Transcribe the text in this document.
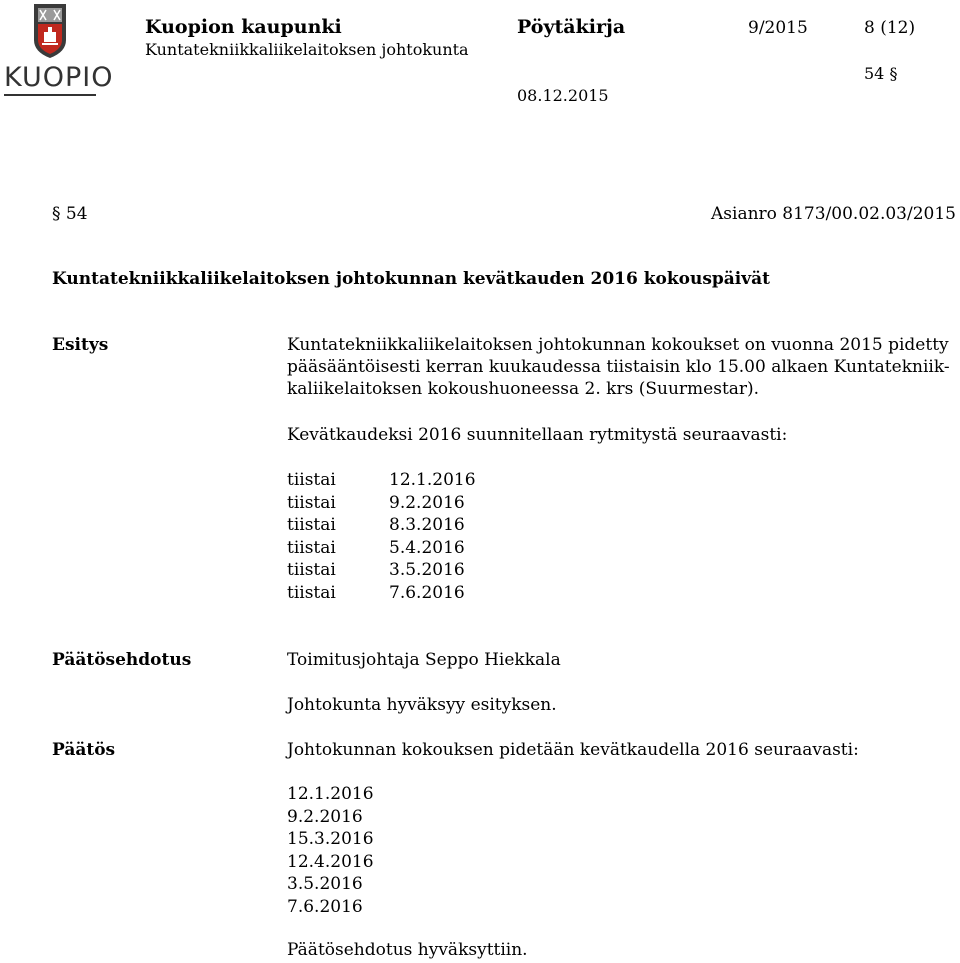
KUOPIO
Kuopion kaupunki
Kuntatekniikkaliikelaitoksen johtokunta
Pöytäkirja	9/2015	8 (12)
54 §
08.12.2015
§ 54	Asianro 8173/00.02.03/2015
Kuntatekniikkaliikelaitoksen johtokunnan kevätkauden 2016 kokouspäivät
Esitys	Kuntatekniikkaliikelaitoksen johtokunnan kokoukset on vuonna 2015 pidetty
pääsääntöisesti kerran kuukaudessa tiistaisin klo 15.00 alkaen Kuntatekniik-
kaliikelaitoksen kokoushuoneessa 2. krs (Suurmestar).
Kevätkaudeksi 2016 suunnitellaan rytmitystä seuraavasti:
tiistai	12.1.2016
tiistai	9.2.2016
tiistai	8.3.2016
tiistai	5.4.2016
tiistai	3.5.2016
tiistai	7.6.2016
Päätösehdotus	Toimitusjohtaja Seppo Hiekkala
Johtokunta hyväksyy esityksen.
Päätös	Johtokunnan kokouksen pidetään kevätkaudella 2016 seuraavasti:
12.1.2016
9.2.2016
15.3.2016
12.4.2016
3.5.2016
7.6.2016
Päätösehdotus hyväksyttiin.
